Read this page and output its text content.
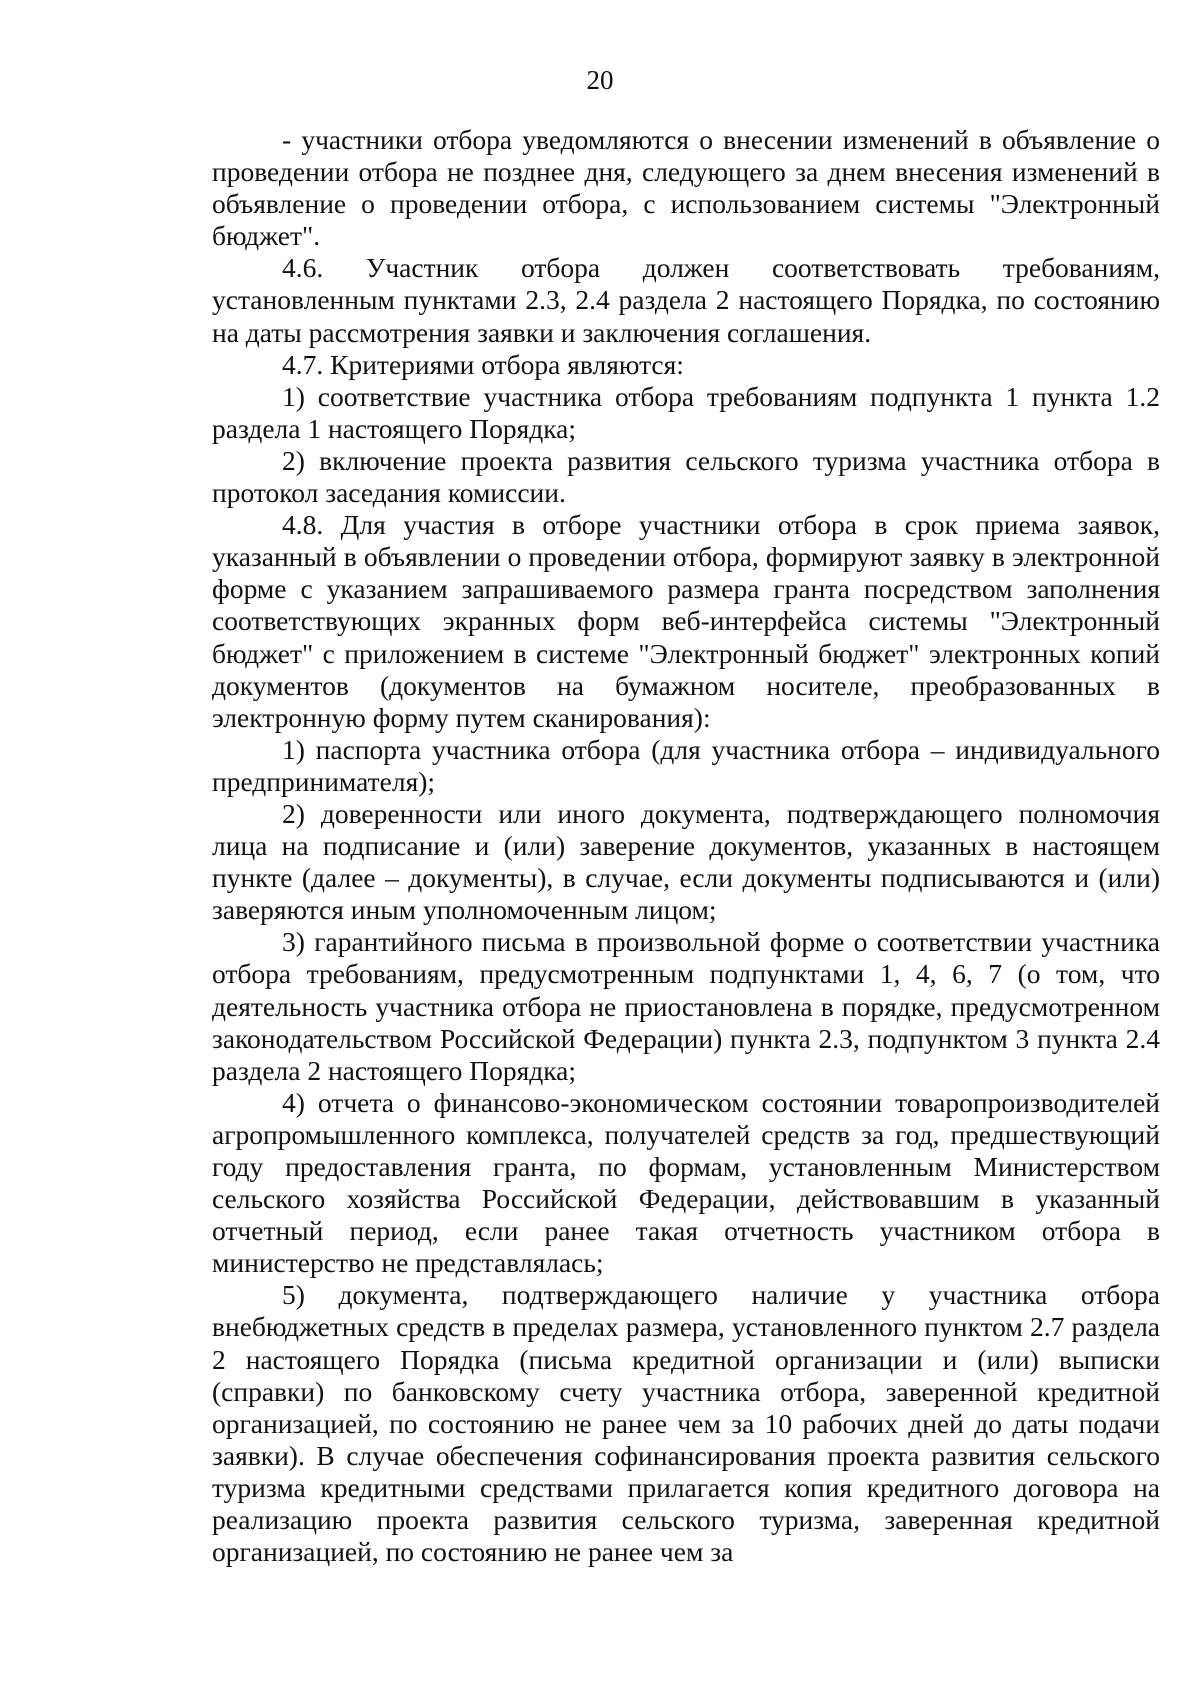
20

- участники отбора уведомляются о внесении изменений в объявление о проведении отбора не позднее дня, следующего за днем внесения изменений в объявление о проведении отбора, с использованием системы "Электронный бюджет".

4.6. Участник отбора должен соответствовать требованиям, установленным пунктами 2.3, 2.4 раздела 2 настоящего Порядка, по состоянию на даты рассмотрения заявки и заключения соглашения.

4.7. Критериями отбора являются:

1) соответствие участника отбора требованиям подпункта 1 пункта 1.2 раздела 1 настоящего Порядка;

2) включение проекта развития сельского туризма участника отбора в протокол заседания комиссии.

4.8. Для участия в отборе участники отбора в срок приема заявок, указанный в объявлении о проведении отбора, формируют заявку в электронной форме с указанием запрашиваемого размера гранта посредством заполнения соответствующих экранных форм веб-интерфейса системы "Электронный бюджет" с приложением в системе "Электронный бюджет" электронных копий документов (документов на бумажном носителе, преобразованных в электронную форму путем сканирования):

1) паспорта участника отбора (для участника отбора – индивидуального предпринимателя);

2) доверенности или иного документа, подтверждающего полномочия лица на подписание и (или) заверение документов, указанных в настоящем пункте (далее – документы), в случае, если документы подписываются и (или) заверяются иным уполномоченным лицом;

3) гарантийного письма в произвольной форме о соответствии участника отбора требованиям, предусмотренным подпунктами 1, 4, 6, 7 (о том, что деятельность участника отбора не приостановлена в порядке, предусмотренном законодательством Российской Федерации) пункта 2.3, подпунктом 3 пункта 2.4 раздела 2 настоящего Порядка;

4) отчета о финансово-экономическом состоянии товаропроизводителей агропромышленного комплекса, получателей средств за год, предшествующий году предоставления гранта, по формам, установленным Министерством сельского хозяйства Российской Федерации, действовавшим в указанный отчетный период, если ранее такая отчетность участником отбора в министерство не представлялась;

5) документа, подтверждающего наличие у участника отбора внебюджетных средств в пределах размера, установленного пунктом 2.7 раздела 2 настоящего Порядка (письма кредитной организации и (или) выписки (справки) по банковскому счету участника отбора, заверенной кредитной организацией, по состоянию не ранее чем за 10 рабочих дней до даты подачи заявки). В случае обеспечения софинансирования проекта развития сельского туризма кредитными средствами прилагается копия кредитного договора на реализацию проекта развития сельского туризма, заверенная кредитной организацией, по состоянию не ранее чем за
